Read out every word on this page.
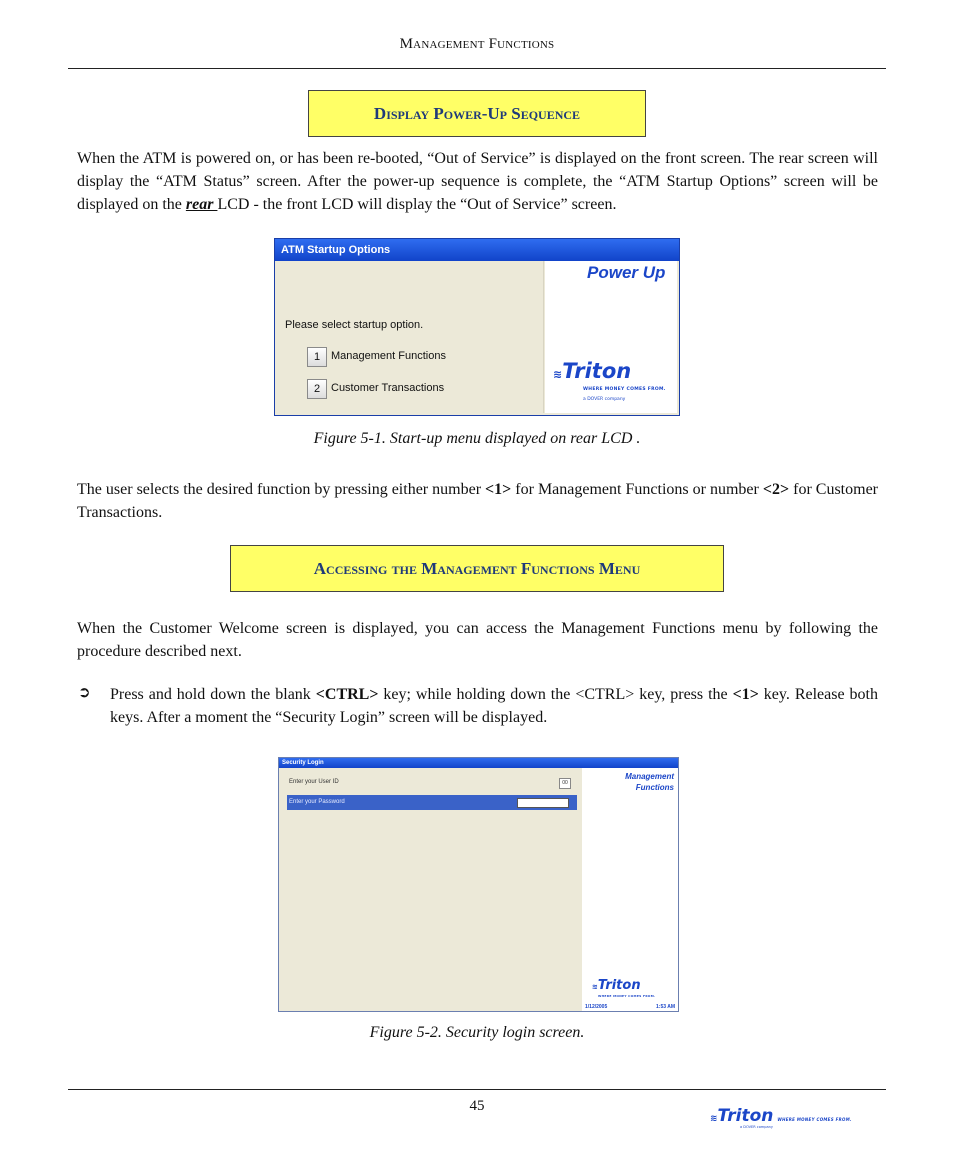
Management Functions
Display Power-Up Sequence
When the ATM is powered on, or has been re-booted, “Out of Service” is displayed on the front screen. The rear screen will display the “ATM Status” screen. After the power-up sequence is complete, the “ATM Startup Options” screen will be displayed on the rear LCD - the front LCD will display the “Out of Service” screen.
ATM Startup Options
Please select startup option.
1 Management Functions
2 Customer Transactions
Power Up
≋Triton
WHERE MONEY COMES FROM.
a DOVER company
Figure 5-1. Start-up menu displayed on rear LCD .
The user selects the desired function by pressing either number <1> for Management Functions or number <2> for Customer Transactions.
Accessing the Management Functions Menu
When the Customer Welcome screen is displayed, you can access the Management Functions menu by following the procedure described next.
➲ Press and hold down the blank <CTRL> key; while holding down the <CTRL> key, press the <1> key. Release both keys. After a moment the “Security Login” screen will be displayed.
Security Login
Enter your User ID	00
Enter your Password
Management
Functions
≋Triton
WHERE MONEY COMES FROM.
1/12/2005	1:53 AM
Figure 5-2. Security login screen.
45
≋Triton WHERE MONEY COMES FROM.
a DOVER company
